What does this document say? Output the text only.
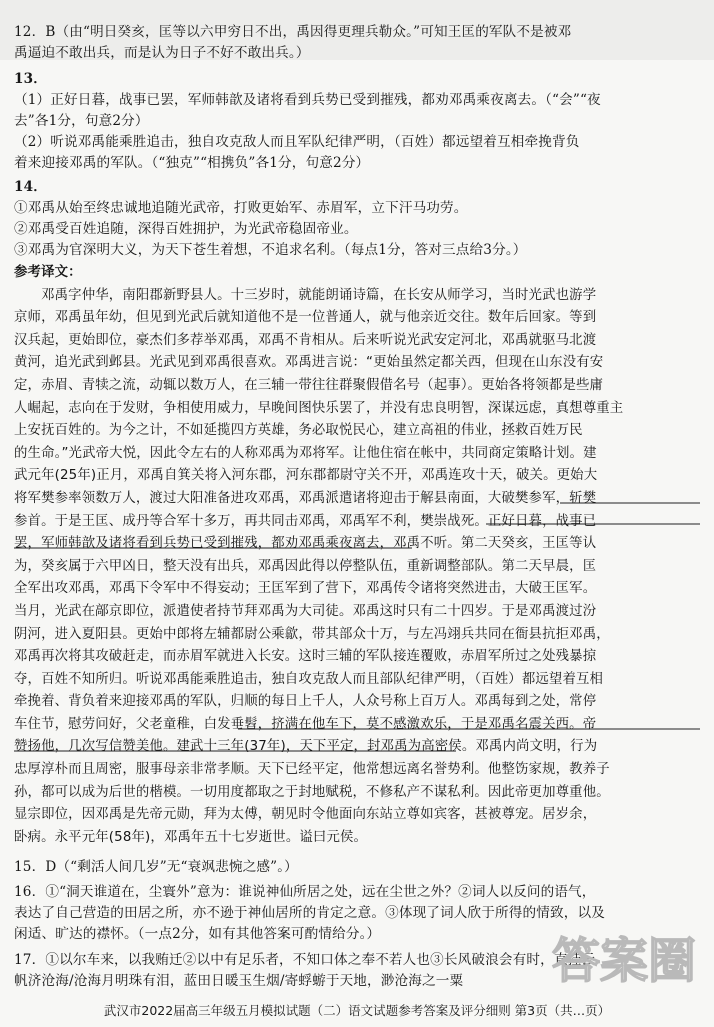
12．B（由“明日癸亥，匡等以六甲穷日不出，禹因得更理兵勒众。”可知王匡的军队不是被邓
禹逼迫不敢出兵，而是认为日子不好不敢出兵。）
13．
（1）正好日暮，战事已罢，军师韩歆及诸将看到兵势已受到摧残，都劝邓禹乘夜离去。（“会”“夜
去”各1分，句意2分）
（2）听说邓禹能乘胜追击，独自攻克敌人而且军队纪律严明，（百姓）都远望着互相牵挽背负
着来迎接邓禹的军队。（“独克”“相携负”各1分，句意2分）
14．
①邓禹从始至终忠诚地追随光武帝，打败更始军、赤眉军，立下汗马功劳。
②邓禹受百姓追随，深得百姓拥护，为光武帝稳固帝业。
③邓禹为官深明大义，为天下苍生着想，不追求名利。（每点1分，答对三点给3分。）
参考译文：
　　邓禹字仲华，南阳郡新野县人。十三岁时，就能朗诵诗篇，在长安从师学习，当时光武也游学
京师，邓禹虽年幼，但见到光武后就知道他不是一位普通人，就与他亲近交往。数年后回家。等到
汉兵起，更始即位，豪杰们多荐举邓禹，邓禹不肯相从。后来听说光武安定河北，邓禹就驱马北渡
黄河，追光武到邺县。光武见到邓禹很喜欢。邓禹进言说：“更始虽然定都关西，但现在山东没有安
定，赤眉、青犊之流，动辄以数万人，在三辅一带往往群聚假借名号（起事）。更始各将领都是些庸
人崛起，志向在于发财，争相使用威力，早晚间图快乐罢了，并没有忠良明智，深谋远虑，真想尊重主
上安抚百姓的。为今之计，不如延揽四方英雄，务必取悦民心，建立高祖的伟业，拯救百姓万民
的生命。”光武帝大悦，因此令左右的人称邓禹为邓将军。让他住宿在帐中，共同商定策略计划。建
武元年(25年)正月，邓禹自箕关将入河东郡，河东郡都尉守关不开，邓禹连攻十天，破关。更始大
将军樊参率领数万人，渡过大阳准备进攻邓禹，邓禹派遣诸将迎击于解县南面，大破樊参军，斩樊
参首。于是王匡、成丹等合军十多万，再共同击邓禹，邓禹军不利，樊崇战死。正好日暮，战事已
罢，军师韩歆及诸将看到兵势已受到摧残，都劝邓禹乘夜离去，邓禹不听。第二天癸亥，王匡等认
为，癸亥属于六甲凶日，整天没有出兵，邓禹因此得以停整队伍，重新调整部队。第二天早晨，匡
全军出攻邓禹，邓禹下令军中不得妄动；王匡军到了营下，邓禹传令诸将突然进击，大破王匡军。
当月，光武在鄗京即位，派遣使者持节拜邓禹为大司徒。邓禹这时只有二十四岁。于是邓禹渡过汾
阴河，进入夏阳县。更始中郎将左辅都尉公乘歙，带其部众十万，与左冯翊兵共同在衙县抗拒邓禹，
邓禹再次将其攻破赶走，而赤眉军就进入长安。这时三辅的军队接连覆败，赤眉军所过之处残暴掠
夺，百姓不知所归。听说邓禹能乘胜追击，独自攻克敌人而且部队纪律严明，（百姓）都远望着互相
牵挽着、背负着来迎接邓禹的军队，归顺的每日上千人，人众号称上百万人。邓禹每到之处，常停
车住节，慰劳问好，父老童稚，白发垂髫，挤满在他车下，莫不感激欢乐，于是邓禹名震关西。帝
赞扬他，几次写信赞美他。建武十三年(37年)，天下平定，封邓禹为高密侯。邓禹内尚文明，行为
忠厚淳朴而且周密，服事母亲非常孝顺。天下已经平定，他常想远离名誉势利。他整饬家规，教养子
孙，都可以成为后世的楷模。一切用度都取之于封地赋税，不修私产不谋私利。因此帝更加尊重他。
显宗即位，因邓禹是先帝元勋，拜为太傅，朝见时令他面向东站立尊如宾客，甚被尊宠。居岁余，
卧病。永平元年(58年)，邓禹年五十七岁逝世。谥曰元侯。
15．D（“剩活人间几岁”无“衰飒悲惋之感”。）
16．①“洞天谁道在，尘寰外”意为：谁说神仙所居之处，远在尘世之外？②词人以反问的语气，
表达了自己营造的田居之所，亦不逊于神仙居所的肯定之意。③体现了词人欣于所得的情致，以及
闲适、旷达的襟怀。（一点2分，如有其他答案可酌情给分。）
17．①以尔车来，以我贿迁②以中有足乐者，不知口体之奉不若人也③长风破浪会有时，直挂云
帆济沧海/沧海月明珠有泪，蓝田日暖玉生烟/寄蜉蝣于天地，渺沧海之一粟	答案圈
武汉市2022届高三年级五月模拟试题（二）语文试题参考答案及评分细则 第3页（共…页）
